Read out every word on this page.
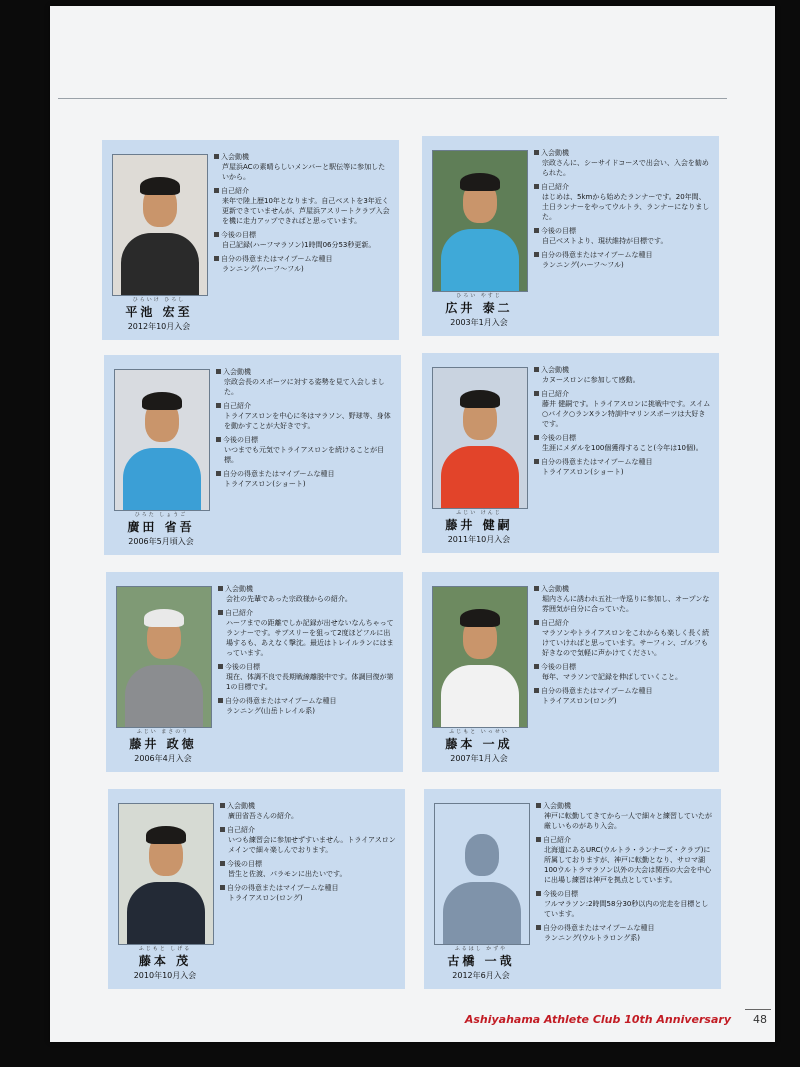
ひらいけ ひろし
平池 宏至
2012年10月入会
入会動機
芦屋浜ACの素晴らしいメンバーと駅伝等に参加したいから。
自己紹介
来年で陸上歴10年となります。自己ベストを3年近く更新できていませんが、芦屋浜アスリートクラブ入会を機に走力アップできればと思っています。
今後の目標
自己記録(ハーフマラソン)1時間06分53秒更新。
自分の得意またはマイブームな種目
ランニング(ハーフ〜フル)
ひろい やすじ
広井 泰二
2003年1月入会
入会動機
宗政さんに、シーサイドコースで出会い、入会を勧められた。
自己紹介
はじめは、5kmから始めたランナーです。20年間、土日ランナーをやってウルトラ、ランナーになりました。
今後の目標
自己ベストより、現状維持が目標です。
自分の得意またはマイブームな種目
ランニング(ハーフ〜フル)
ひろた しょうご
廣田 省吾
2006年5月頃入会
入会動機
宗政会長のスポーツに対する姿勢を見て入会しました。
自己紹介
トライアスロンを中心に冬はマラソン、野球等、身体を動かすことが大好きです。
今後の目標
いつまでも元気でトライアスロンを続けることが目標。
自分の得意またはマイブームな種目
トライアスロン(ショート)
ふじい けんじ
藤井 健嗣
2011年10月入会
入会動機
カヌースロンに参加して感動。
自己紹介
藤井 健嗣です。トライアスロンに挑戦中です。スイム○バイク○ランXラン特訓中マリンスポーツは大好きです。
今後の目標
生涯にメダルを100個獲得すること(今年は10個)。
自分の得意またはマイブームな種目
トライアスロン(ショート)
ふじい まさのり
藤井 政徳
2006年4月入会
入会動機
会社の先輩であった宗政様からの紹介。
自己紹介
ハーフまでの距離でしか記録が出せないなんちゃってランナーです。サブスリーを狙って2度ほどフルに出場するも、あえなく撃沈。最近はトレイルランにはまっています。
今後の目標
現在、体調不良で長期戦線離脱中です。体調回復が第1の目標です。
自分の得意またはマイブームな種目
ランニング(山岳トレイル系)
ふじもと いっせい
藤本 一成
2007年1月入会
入会動機
堀内さんに誘われ五社一寺巡りに参加し、オープンな雰囲気が自分に合っていた。
自己紹介
マラソンやトライアスロンをこれからも楽しく長く続けていければと思っています。サーフィン、ゴルフも好きなので気軽に声かけてください。
今後の目標
毎年、マラソンで記録を伸ばしていくこと。
自分の得意またはマイブームな種目
トライアスロン(ロング)
ふじもと しげる
藤本 茂
2010年10月入会
入会動機
廣田省吾さんの紹介。
自己紹介
いつも練習会に参加せずすいません。トライアスロンメインで細々楽しんでおります。
今後の目標
皆生と佐渡、パラモンに出たいです。
自分の得意またはマイブームな種目
トライアスロン(ロング)
ふるはし かずや
古橋 一哉
2012年6月入会
入会動機
神戸に転勤してきてから一人で細々と練習していたが厳しいものがあり入会。
自己紹介
北海道にあるURC(ウルトラ・ランナーズ・クラブ)に所属しておりますが、神戸に転勤となり、サロマ湖100ウルトラマラソン以外の大会は関西の大会を中心に出場し練習は神戸を拠点としています。
今後の目標
フルマラソン:2時間58分30秒以内の完走を目標としています。
自分の得意またはマイブームな種目
ランニング(ウルトラロング系)
Ashiyahama Athlete Club 10th Anniversary 48
